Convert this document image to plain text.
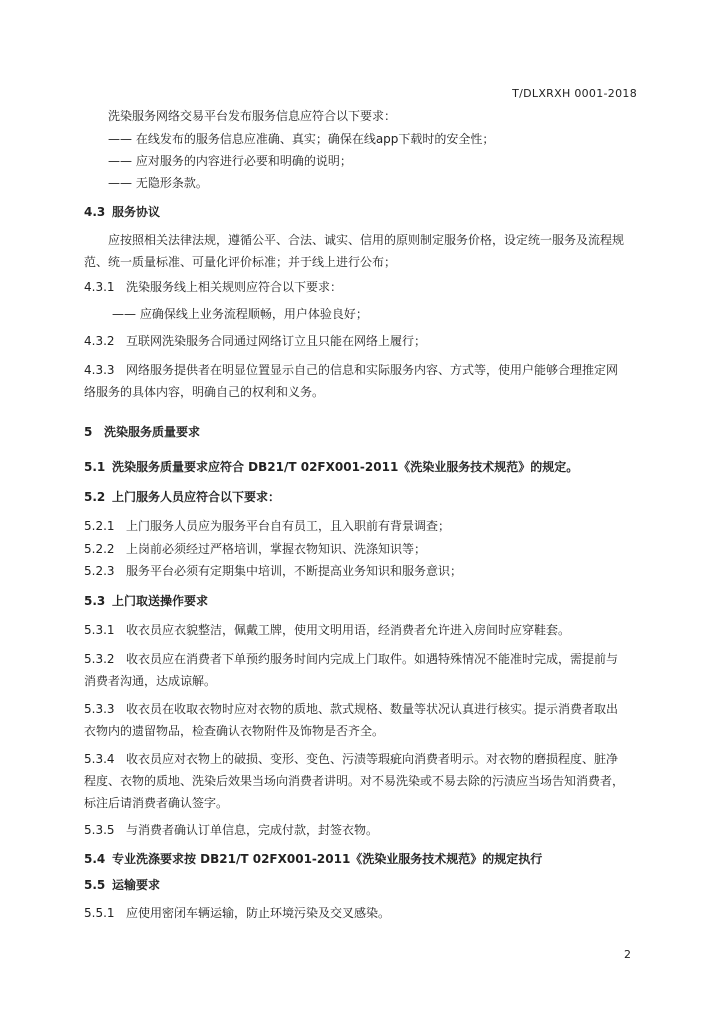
T/DLXRXH 0001-2018
洗染服务网络交易平台发布服务信息应符合以下要求：
—— 在线发布的服务信息应准确、真实；确保在线app下载时的安全性；
—— 应对服务的内容进行必要和明确的说明；
—— 无隐形条款。
4.3 服务协议
应按照相关法律法规，遵循公平、合法、诚实、信用的原则制定服务价格，设定统一服务及流程规
范、统一质量标准、可量化评价标准；并于线上进行公布；
4.3.1 洗染服务线上相关规则应符合以下要求：
—— 应确保线上业务流程顺畅，用户体验良好；
4.3.2 互联网洗染服务合同通过网络订立且只能在网络上履行；
4.3.3 网络服务提供者在明显位置显示自己的信息和实际服务内容、方式等，使用户能够合理推定网
络服务的具体内容，明确自己的权利和义务。
5 洗染服务质量要求
5.1 洗染服务质量要求应符合 DB21/T 02FX001-2011《洗染业服务技术规范》的规定。
5.2 上门服务人员应符合以下要求：
5.2.1 上门服务人员应为服务平台自有员工，且入职前有背景调查；
5.2.2 上岗前必须经过严格培训，掌握衣物知识、洗涤知识等；
5.2.3 服务平台必须有定期集中培训，不断提高业务知识和服务意识；
5.3 上门取送操作要求
5.3.1 收衣员应衣貌整洁，佩戴工牌，使用文明用语，经消费者允许进入房间时应穿鞋套。
5.3.2 收衣员应在消费者下单预约服务时间内完成上门取件。如遇特殊情况不能准时完成，需提前与
消费者沟通，达成谅解。
5.3.3 收衣员在收取衣物时应对衣物的质地、款式规格、数量等状况认真进行核实。提示消费者取出
衣物内的遗留物品，检查确认衣物附件及饰物是否齐全。
5.3.4 收衣员应对衣物上的破损、变形、变色、污渍等瑕疵向消费者明示。对衣物的磨损程度、脏净
程度、衣物的质地、洗染后效果当场向消费者讲明。对不易洗染或不易去除的污渍应当场告知消费者，
标注后请消费者确认签字。
5.3.5 与消费者确认订单信息，完成付款，封签衣物。
5.4 专业洗涤要求按 DB21/T 02FX001-2011《洗染业服务技术规范》的规定执行
5.5 运输要求
5.5.1 应使用密闭车辆运输，防止环境污染及交叉感染。
2
